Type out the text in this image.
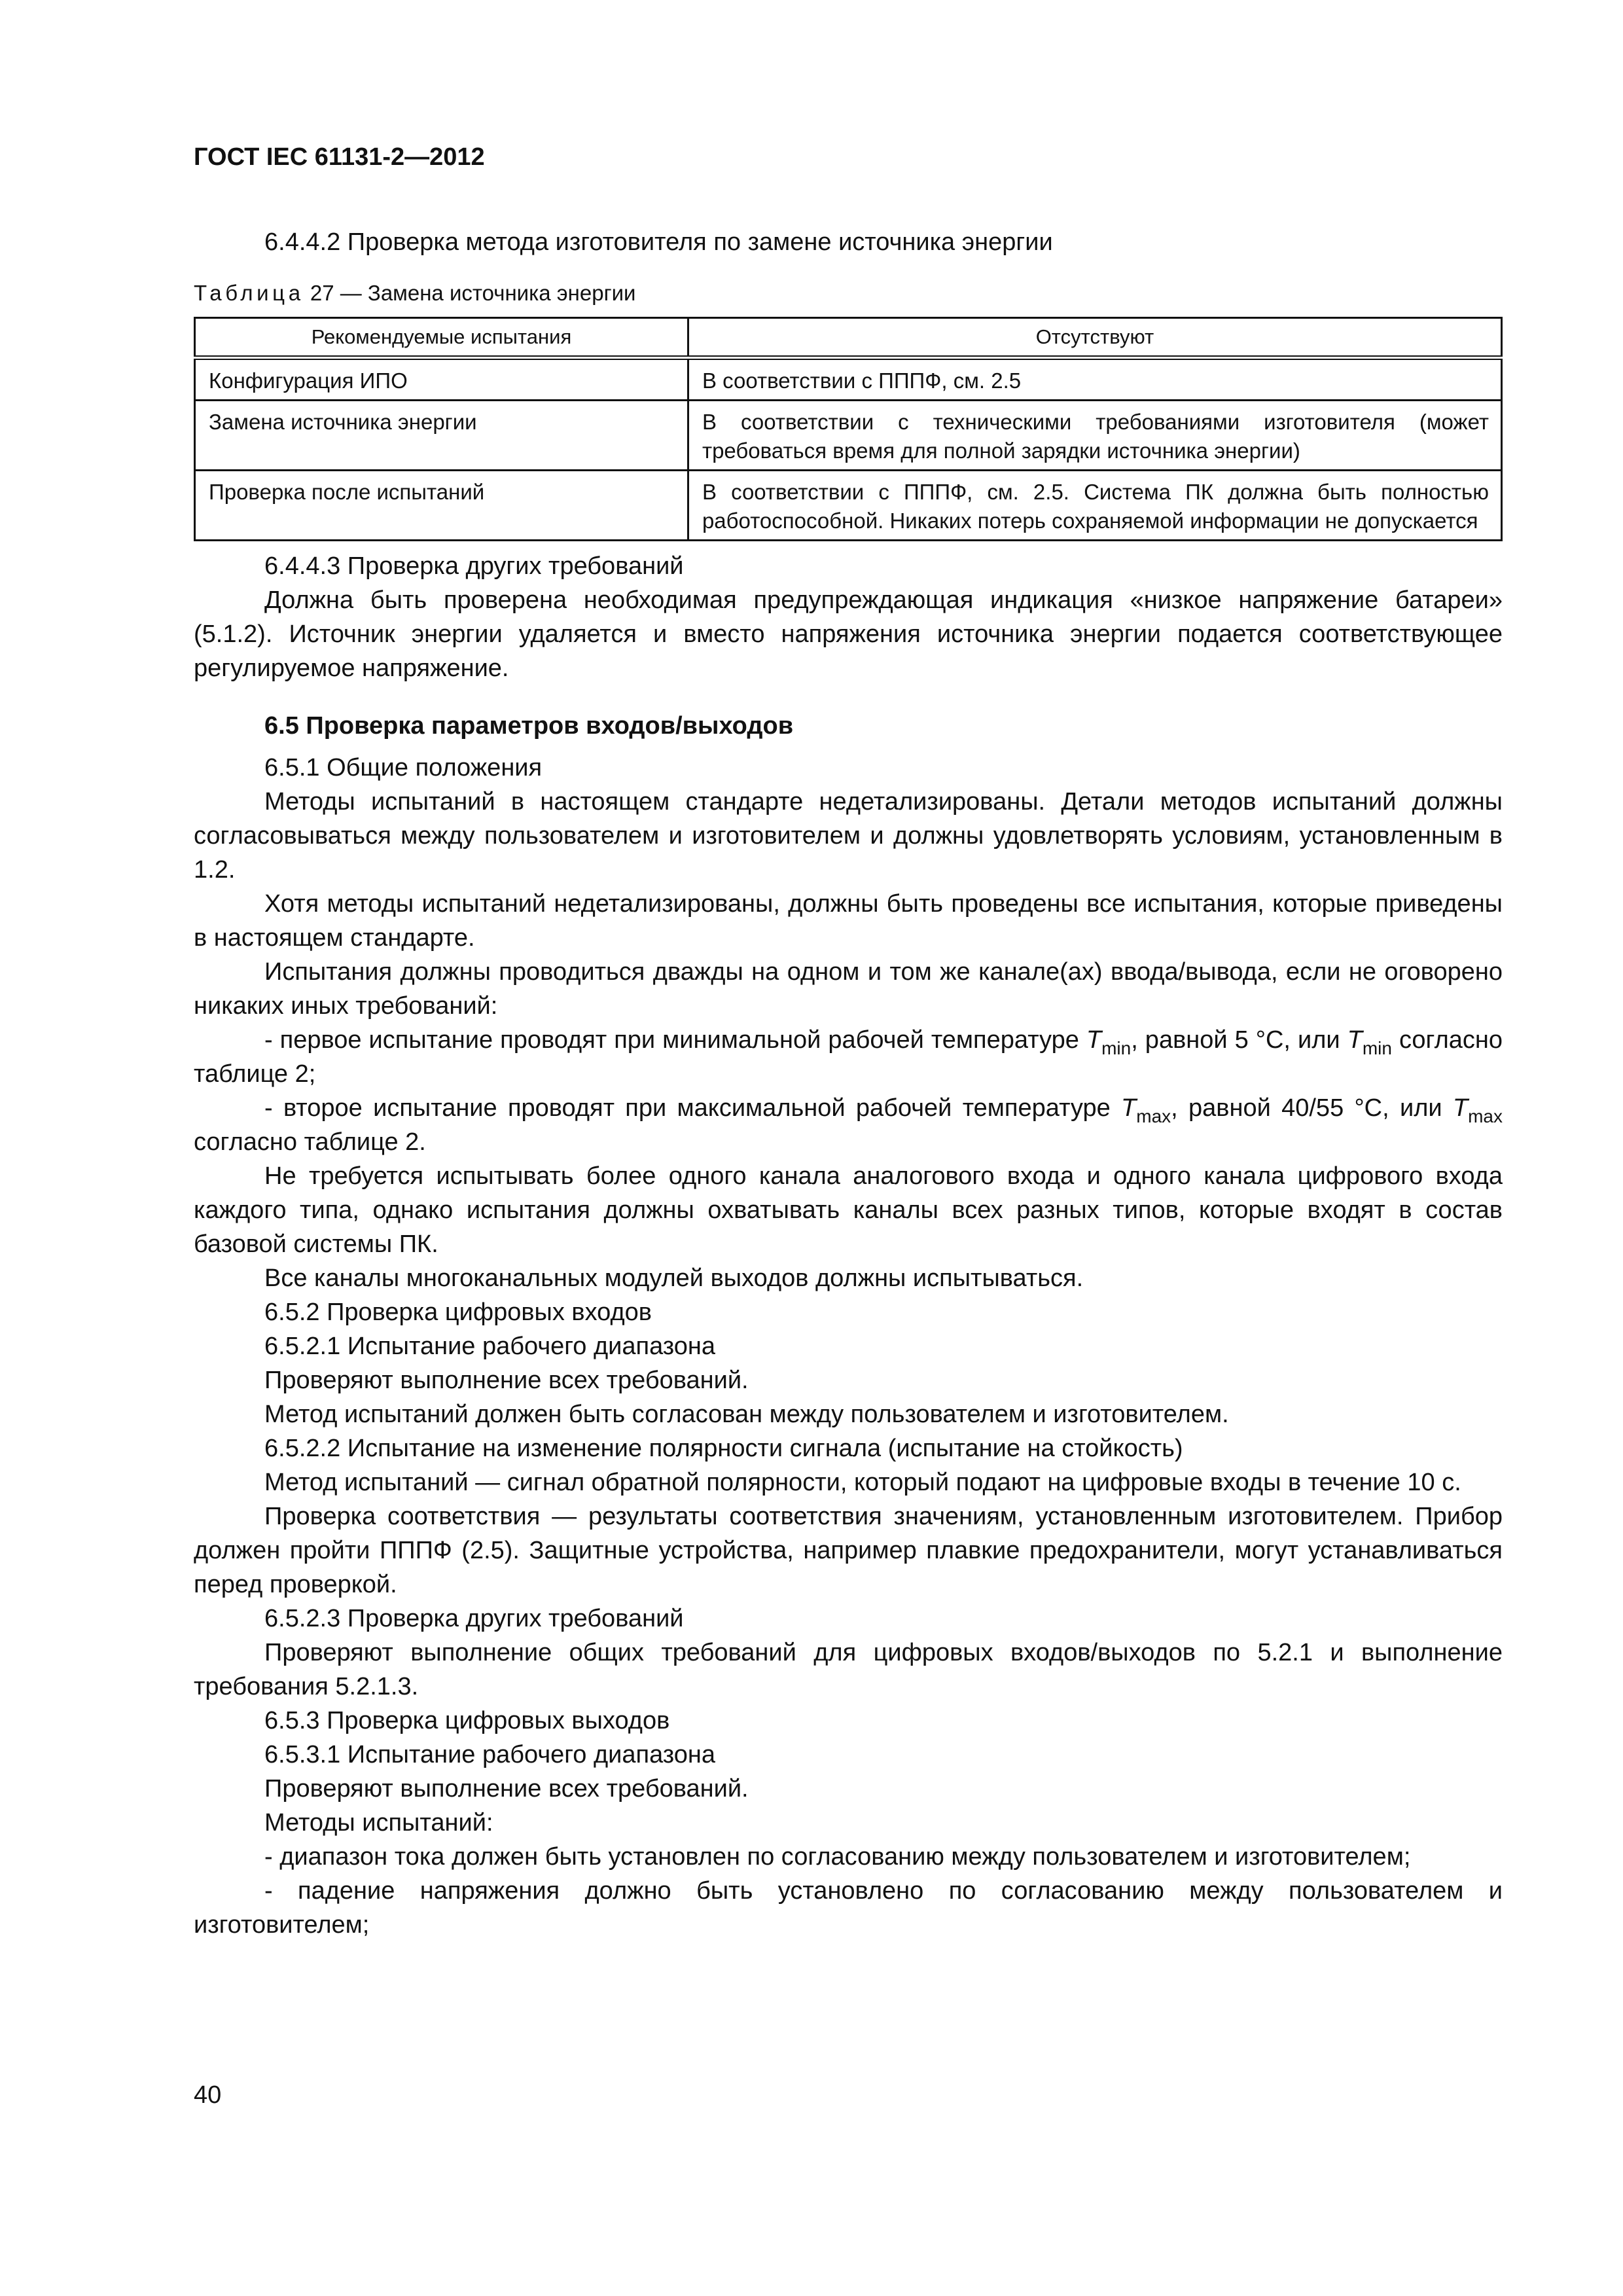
ГОСТ IEC 61131-2—2012

6.4.4.2 Проверка метода изготовителя по замене источника энергии

Таблица 27 — Замена источника энергии

Рекомендуемые испытания	Отсутствуют
Конфигурация ИПО	В соответствии с ПППФ, см. 2.5
Замена источника энергии	В соответствии с техническими требованиями изготовителя (может требоваться время для полной зарядки источника энергии)
Проверка после испытаний	В соответствии с ПППФ, см. 2.5. Система ПК должна быть полностью работоспособной. Никаких потерь сохраняемой информации не допускается

6.4.4.3 Проверка других требований

Должна быть проверена необходимая предупреждающая индикация «низкое напряжение батареи» (5.1.2). Источник энергии удаляется и вместо напряжения источника энергии подается соответствующее регулируемое напряжение.

6.5 Проверка параметров входов/выходов

6.5.1 Общие положения

Методы испытаний в настоящем стандарте недетализированы. Детали методов испытаний должны согласовываться между пользователем и изготовителем и должны удовлетворять условиям, установленным в 1.2.

Хотя методы испытаний недетализированы, должны быть проведены все испытания, которые приведены в настоящем стандарте.

Испытания должны проводиться дважды на одном и том же канале(ах) ввода/вывода, если не оговорено никаких иных требований:

- первое испытание проводят при минимальной рабочей температуре $T_{min}$, равной 5 °C, или $T_{min}$ согласно таблице 2;

- второе испытание проводят при максимальной рабочей температуре $T_{max}$, равной 40/55 °C, или $T_{max}$ согласно таблице 2.

Не требуется испытывать более одного канала аналогового входа и одного канала цифрового входа каждого типа, однако испытания должны охватывать каналы всех разных типов, которые входят в состав базовой системы ПК.

Все каналы многоканальных модулей выходов должны испытываться.

6.5.2 Проверка цифровых входов

6.5.2.1 Испытание рабочего диапазона

Проверяют выполнение всех требований.

Метод испытаний должен быть согласован между пользователем и изготовителем.

6.5.2.2 Испытание на изменение полярности сигнала (испытание на стойкость)

Метод испытаний — сигнал обратной полярности, который подают на цифровые входы в течение 10 с.

Проверка соответствия — результаты соответствия значениям, установленным изготовителем. Прибор должен пройти ПППФ (2.5). Защитные устройства, например плавкие предохранители, могут устанавливаться перед проверкой.

6.5.2.3 Проверка других требований

Проверяют выполнение общих требований для цифровых входов/выходов по 5.2.1 и выполнение требования 5.2.1.3.

6.5.3 Проверка цифровых выходов

6.5.3.1 Испытание рабочего диапазона

Проверяют выполнение всех требований.

Методы испытаний:

- диапазон тока должен быть установлен по согласованию между пользователем и изготовителем;

- падение напряжения должно быть установлено по согласованию между пользователем и изготовителем;

40
